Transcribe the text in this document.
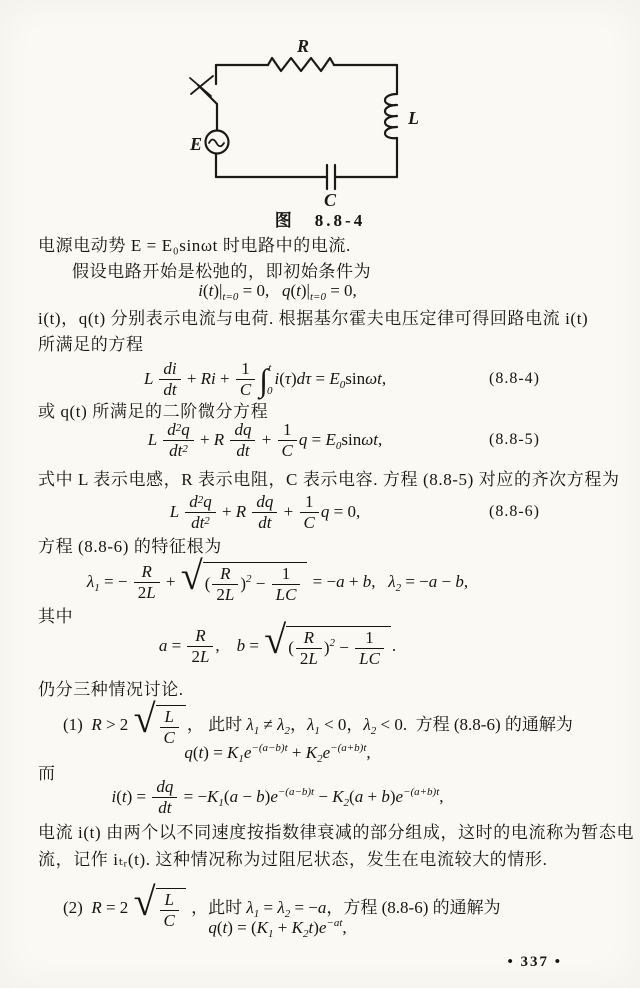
R
L
C
E
图　8.8-4
电源电动势 E = E₀sinωt 时电路中的电流.
假设电路开始是松弛的，即初始条件为
$i(t)|_{t=0} = 0$,   $q(t)|_{t=0} = 0$,
i(t)，q(t) 分别表示电流与电荷. 根据基尔霍夫电压定律可得回路电流 i(t)
所满足的方程
L $\frac{di}{dt} + Ri + \frac{1}{C}$ ∫ t
0
$i(\tau)d\tau = E_0\sin\omega t$,	(8.8-4)
或 q(t) 所满足的二阶微分方程
L $\frac{d^2q}{dt^2} + R \frac{dq}{dt} + \frac{1}{C}$ $q = E_0\sin\omega t$,	(8.8-5)
式中 L 表示电感，R 表示电阻，C 表示电容. 方程 (8.8-5) 对应的齐次方程为
L $\frac{d^2q}{dt^2} + R \frac{dq}{dt} + \frac{1}{C}$ q = 0,	(8.8-6)
方程 (8.8-6) 的特征根为
$\lambda_1$ = − $\frac{R}{2L}$ + √ ( $\frac{R}{2L} )^2 - \frac{1}{LC} = -a + b$,   $\lambda_2 = -a - b$,
其中
$a = \frac{R}{2L}$ ,    b = √ ( $\frac{R}{2L} )^2 - \frac{1}{LC}$ .
仍分三种情况讨论.
(1)  R > 2 √ $\frac{L}{C}$ ， 此时 $\lambda_1 \ne \lambda_2$，$\lambda_1 < 0$，$\lambda_2 < 0$.  方程 (8.8-6) 的通解为
$q(t) = K_1e^{-(a-b)t} + K_2e^{-(a+b)t}$,
而
$i(t) = \frac{dq}{dt} = -K_1(a - b)e^{-(a-b)t} - K_2(a + b)e^{-(a+b)t}$,
电流 i(t) 由两个以不同速度按指数律衰减的部分组成，这时的电流称为暂态电
流，记作 iₜᵣ(t). 这种情况称为过阻尼状态，发生在电流较大的情形.
(2)  R = 2 √ $\frac{L}{C}$ ，此时 $\lambda_1 = \lambda_2 = -a$，方程 (8.8-6) 的通解为
$q(t) = (K_1 + K_2t)e^{-at}$,
• 337 •
